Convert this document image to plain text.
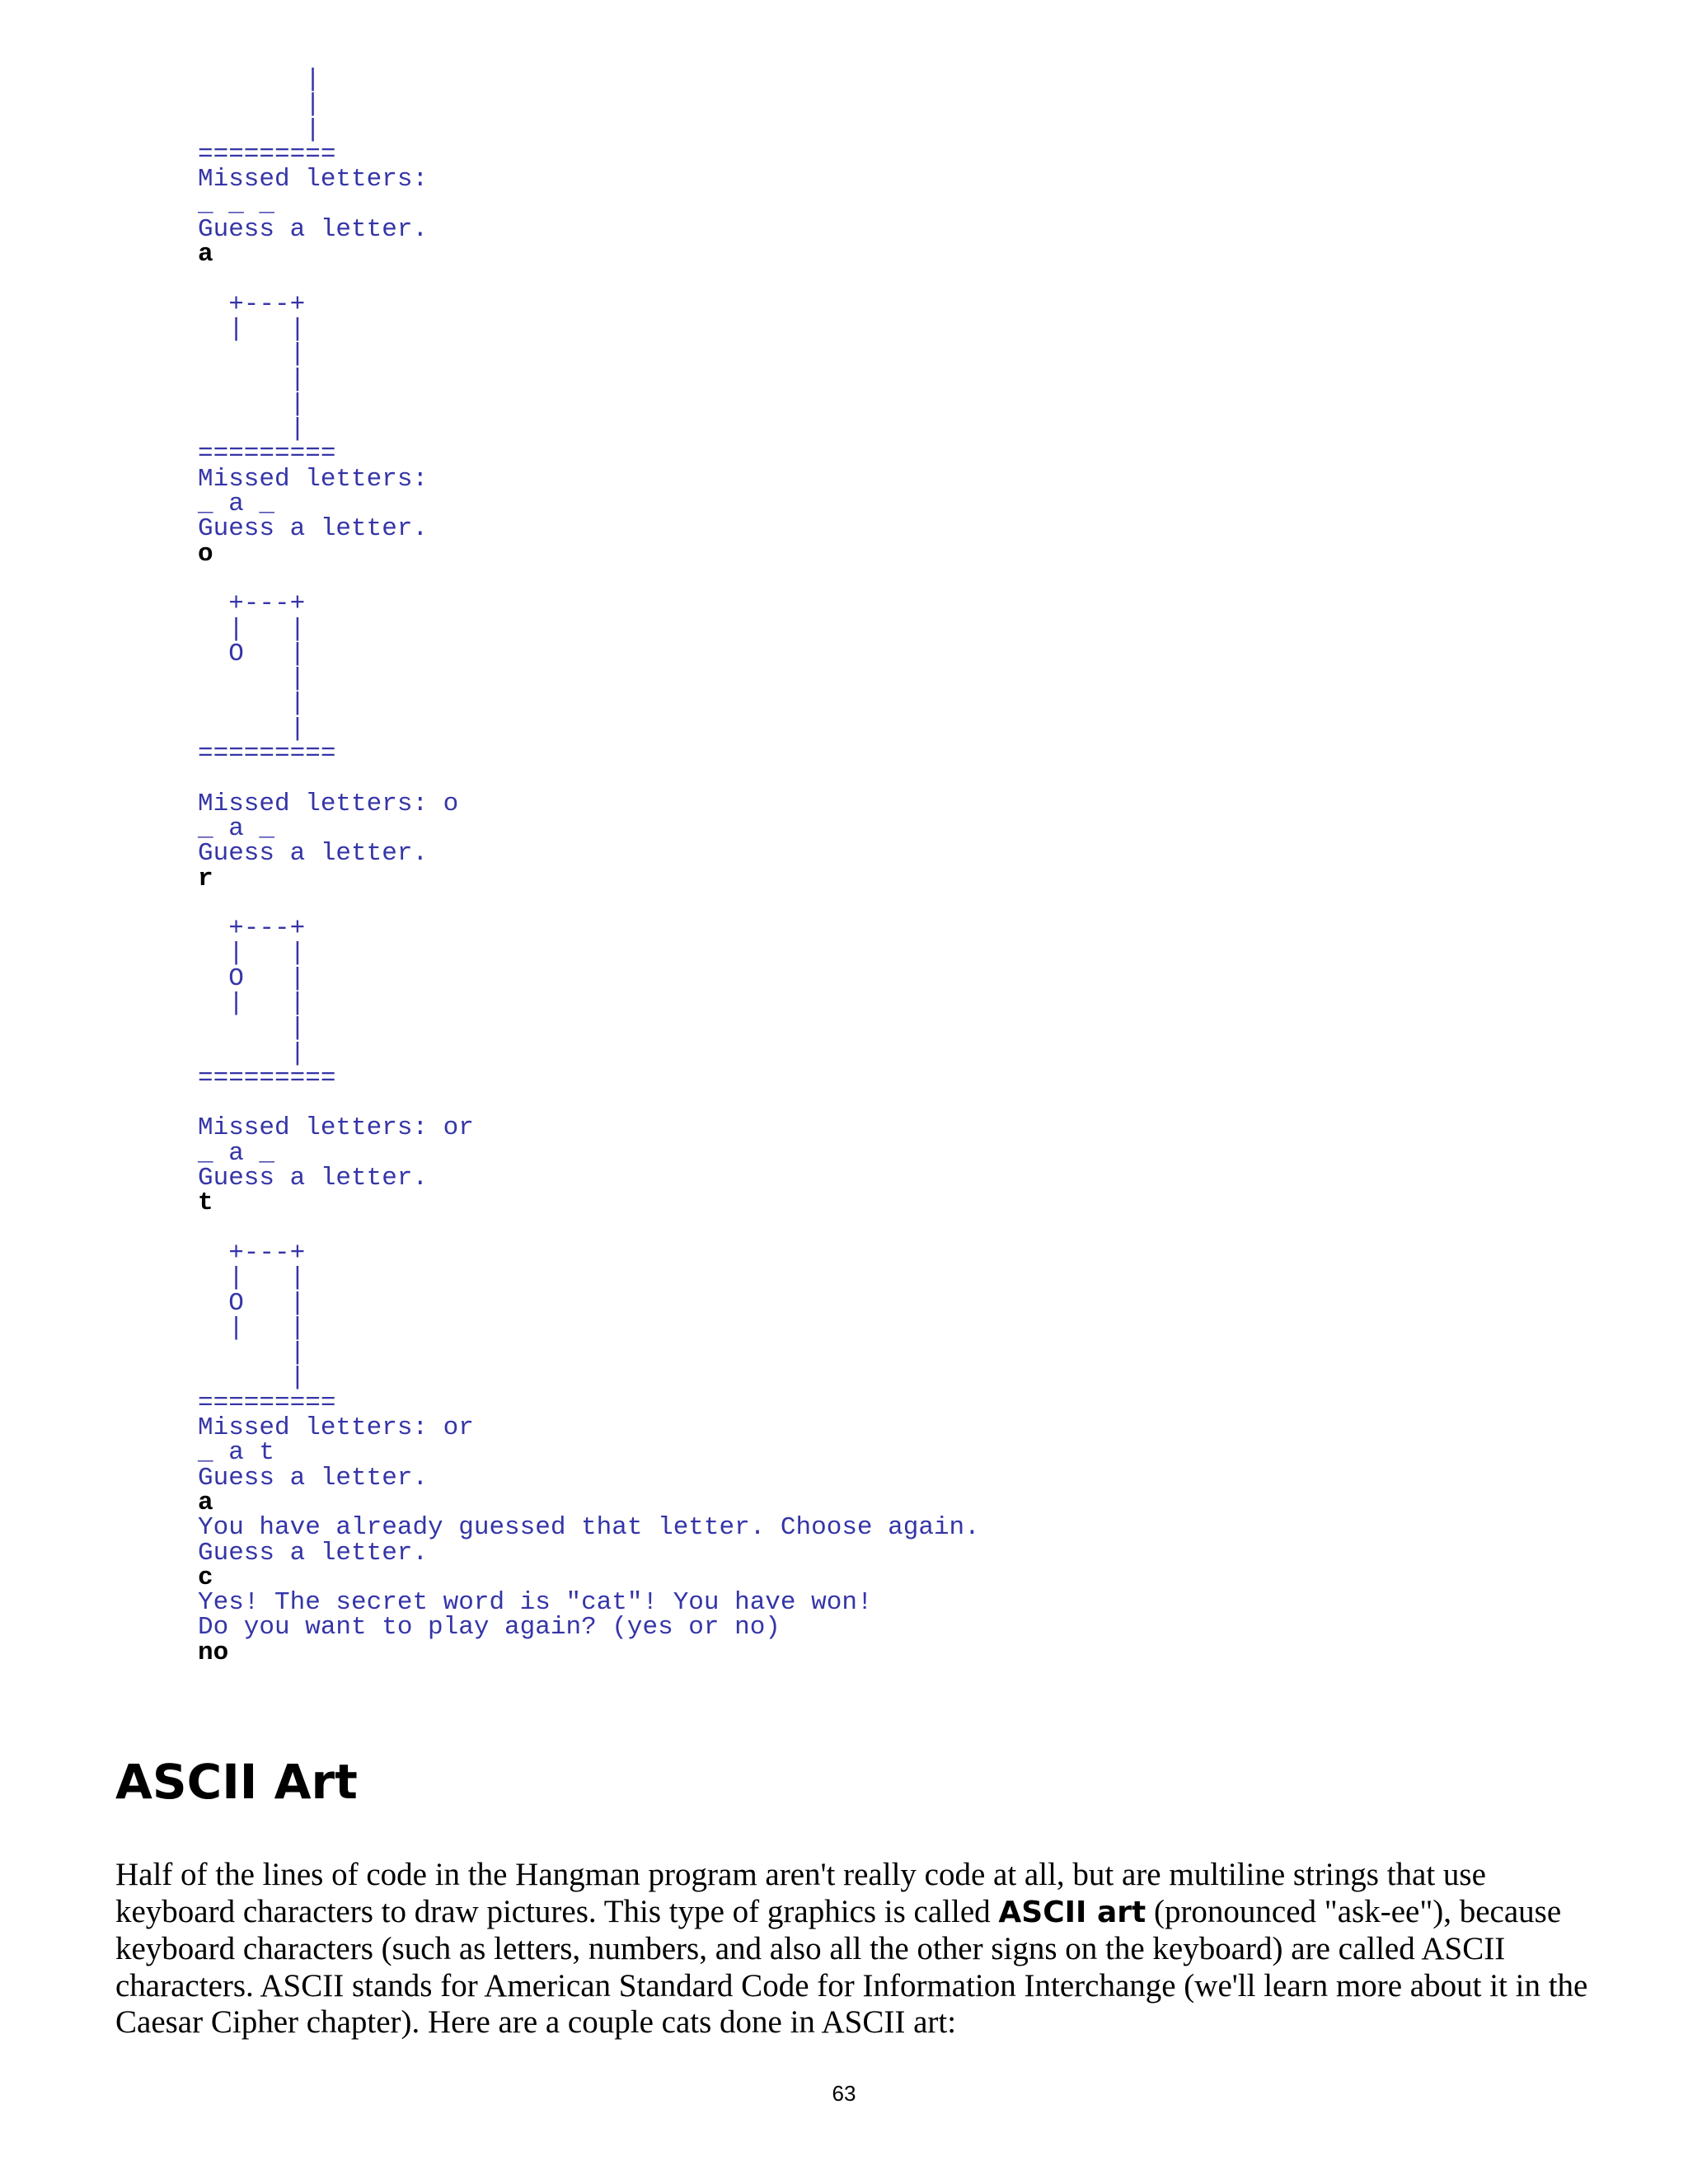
|
|
|
=========
Missed letters:
_ _ _
Guess a letter.
a
+---+
|   |
|
|
|
|
=========
Missed letters:
_ a _
Guess a letter.
o
+---+
|   |
O   |
|
|
|
=========
Missed letters: o
_ a _
Guess a letter.
r
+---+
|   |
O   |
|   |
|
|
=========
Missed letters: or
_ a _
Guess a letter.
t
+---+
|   |
O   |
|   |
|
|
=========
Missed letters: or
_ a t
Guess a letter.
a
You have already guessed that letter. Choose again.
Guess a letter.
c
Yes! The secret word is "cat"! You have won!
Do you want to play again? (yes or no)
no
ASCII Art

Half of the lines of code in the Hangman program aren't really code at all, but are multiline strings that use keyboard characters to draw pictures. This type of graphics is called ASCII art (pronounced "ask-ee"), because keyboard characters (such as letters, numbers, and also all the other signs on the keyboard) are called ASCII characters. ASCII stands for American Standard Code for Information Interchange (we'll learn more about it in the Caesar Cipher chapter). Here are a couple cats done in ASCII art:

63
